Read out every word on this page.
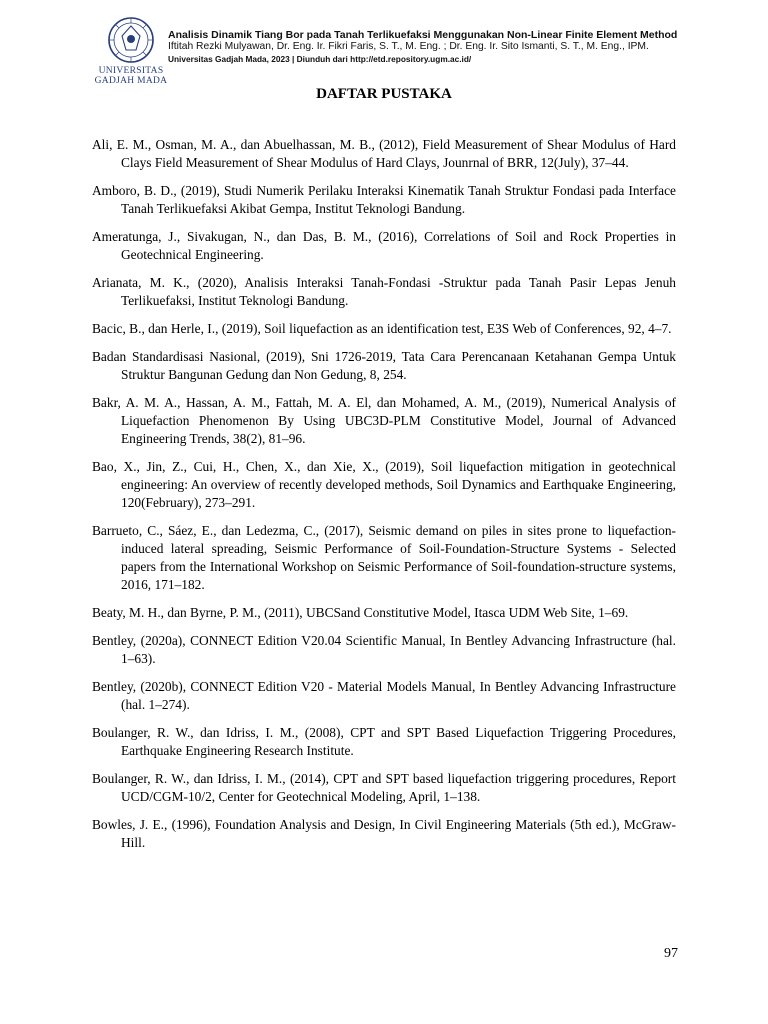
UNIVERSITAS
GADJAH MADA
Analisis Dinamik Tiang Bor pada Tanah Terlikuefaksi Menggunakan Non-Linear Finite Element Method
Iftitah Rezki Mulyawan, Dr. Eng. Ir. Fikri Faris, S. T., M. Eng. ; Dr. Eng. Ir. Sito Ismanti, S. T., M. Eng., IPM.
Universitas Gadjah Mada, 2023 | Diunduh dari http://etd.repository.ugm.ac.id/
DAFTAR PUSTAKA
Ali, E. M., Osman, M. A., dan Abuelhassan, M. B., (2012), Field Measurement of Shear Modulus of Hard Clays Field Measurement of Shear Modulus of Hard Clays, Jounrnal of BRR, 12(July), 37–44.
Amboro, B. D., (2019), Studi Numerik Perilaku Interaksi Kinematik Tanah Struktur Fondasi pada Interface Tanah Terlikuefaksi Akibat Gempa, Institut Teknologi Bandung.
Ameratunga, J., Sivakugan, N., dan Das, B. M., (2016), Correlations of Soil and Rock Properties in Geotechnical Engineering.
Arianata, M. K., (2020), Analisis Interaksi Tanah-Fondasi -Struktur pada Tanah Pasir Lepas Jenuh Terlikuefaksi, Institut Teknologi Bandung.
Bacic, B., dan Herle, I., (2019), Soil liquefaction as an identification test, E3S Web of Conferences, 92, 4–7.
Badan Standardisasi Nasional, (2019), Sni 1726-2019, Tata Cara Perencanaan Ketahanan Gempa Untuk Struktur Bangunan Gedung dan Non Gedung, 8, 254.
Bakr, A. M. A., Hassan, A. M., Fattah, M. A. El, dan Mohamed, A. M., (2019), Numerical Analysis of Liquefaction Phenomenon By Using UBC3D-PLM Constitutive Model, Journal of Advanced Engineering Trends, 38(2), 81–96.
Bao, X., Jin, Z., Cui, H., Chen, X., dan Xie, X., (2019), Soil liquefaction mitigation in geotechnical engineering: An overview of recently developed methods, Soil Dynamics and Earthquake Engineering, 120(February), 273–291.
Barrueto, C., Sáez, E., dan Ledezma, C., (2017), Seismic demand on piles in sites prone to liquefaction-induced lateral spreading, Seismic Performance of Soil-Foundation-Structure Systems - Selected papers from the International Workshop on Seismic Performance of Soil-foundation-structure systems, 2016, 171–182.
Beaty, M. H., dan Byrne, P. M., (2011), UBCSand Constitutive Model, Itasca UDM Web Site, 1–69.
Bentley, (2020a), CONNECT Edition V20.04 Scientific Manual, In Bentley Advancing Infrastructure (hal. 1–63).
Bentley, (2020b), CONNECT Edition V20 - Material Models Manual, In Bentley Advancing Infrastructure (hal. 1–274).
Boulanger, R. W., dan Idriss, I. M., (2008), CPT and SPT Based Liquefaction Triggering Procedures, Earthquake Engineering Research Institute.
Boulanger, R. W., dan Idriss, I. M., (2014), CPT and SPT based liquefaction triggering procedures, Report UCD/CGM-10/2, Center for Geotechnical Modeling, April, 1–138.
Bowles, J. E., (1996), Foundation Analysis and Design, In Civil Engineering Materials (5th ed.), McGraw-Hill.
97
